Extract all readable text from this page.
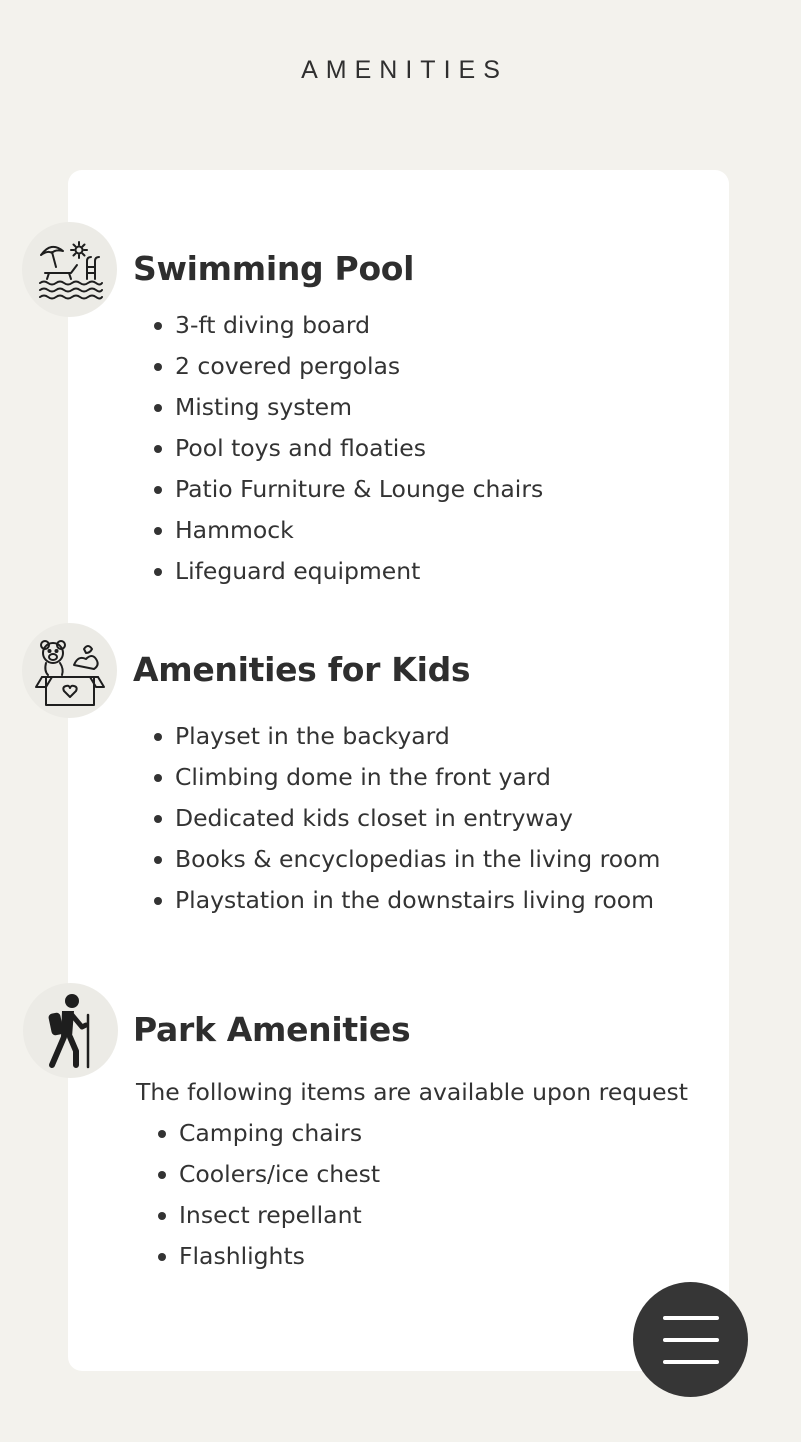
AMENITIES
Swimming Pool
3-ft diving board
2 covered pergolas
Misting system
Pool toys and floaties
Patio Furniture & Lounge chairs
Hammock
Lifeguard equipment
Amenities for Kids
Playset in the backyard
Climbing dome in the front yard
Dedicated kids closet in entryway
Books & encyclopedias in the living room
Playstation in the downstairs living room
Park Amenities

The following items are available upon request

Camping chairs
Coolers/ice chest
Insect repellant
Flashlights
